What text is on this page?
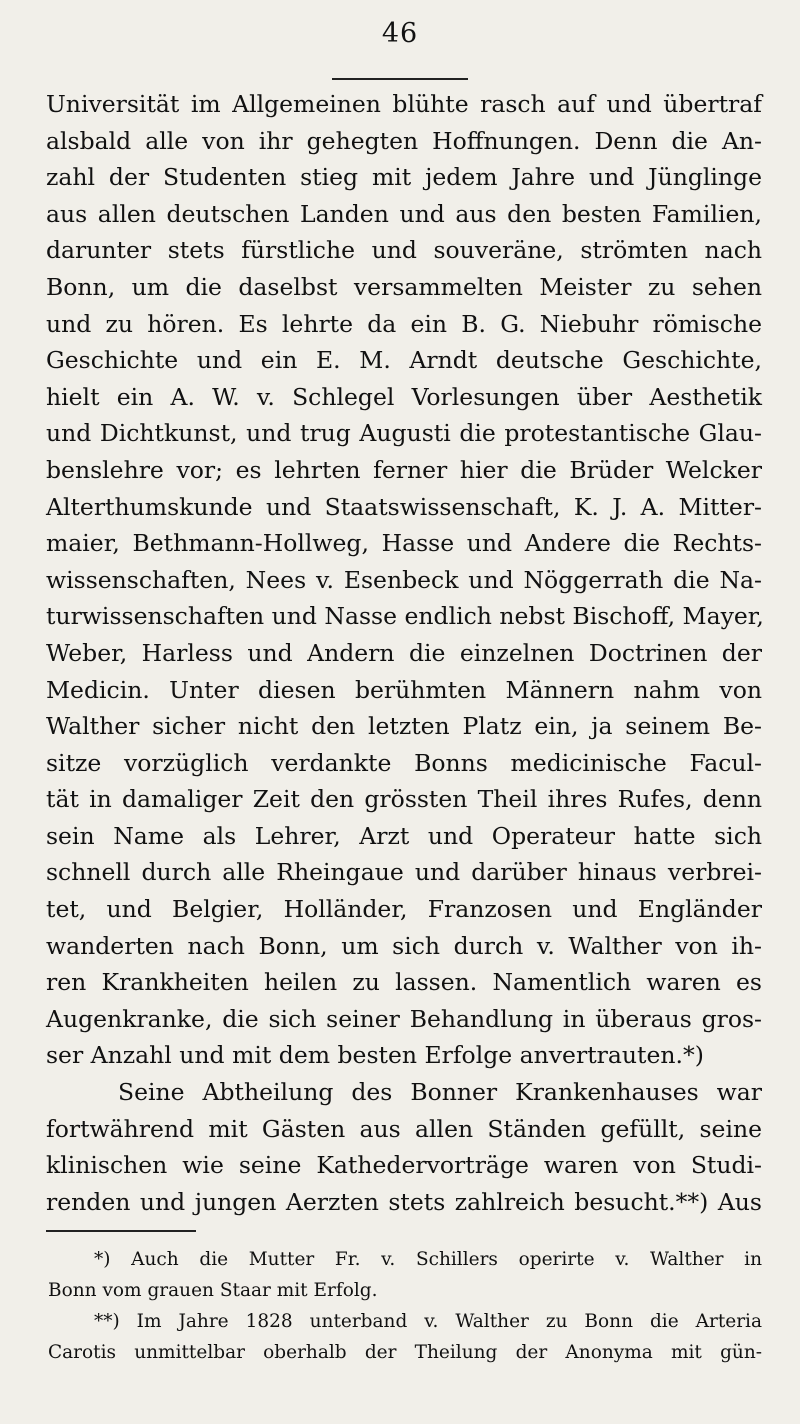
46
Universität im Allgemeinen blühte rasch auf und übertraf
alsbald alle von ihr gehegten Hoffnungen. Denn die An-
zahl der Studenten stieg mit jedem Jahre und Jünglinge
aus allen deutschen Landen und aus den besten Familien,
darunter stets fürstliche und souveräne, strömten nach
Bonn, um die daselbst versammelten Meister zu sehen
und zu hören. Es lehrte da ein B. G. Niebuhr römische
Geschichte und ein E. M. Arndt deutsche Geschichte,
hielt ein A. W. v. Schlegel Vorlesungen über Aesthetik
und Dichtkunst, und trug Augusti die protestantische Glau-
benslehre vor; es lehrten ferner hier die Brüder Welcker
Alterthumskunde und Staatswissenschaft, K. J. A. Mitter-
maier, Bethmann-Hollweg, Hasse und Andere die Rechts-
wissenschaften, Nees v. Esenbeck und Nöggerrath die Na-
turwissenschaften und Nasse endlich nebst Bischoff, Mayer,
Weber, Harless und Andern die einzelnen Doctrinen der
Medicin. Unter diesen berühmten Männern nahm von
Walther sicher nicht den letzten Platz ein, ja seinem Be-
sitze vorzüglich verdankte Bonns medicinische Facul-
tät in damaliger Zeit den grössten Theil ihres Rufes, denn
sein Name als Lehrer, Arzt und Operateur hatte sich
schnell durch alle Rheingaue und darüber hinaus verbrei-
tet, und Belgier, Holländer, Franzosen und Engländer
wanderten nach Bonn, um sich durch v. Walther von ih-
ren Krankheiten heilen zu lassen. Namentlich waren es
Augenkranke, die sich seiner Behandlung in überaus gros-
ser Anzahl und mit dem besten Erfolge anvertrauten.*)
Seine Abtheilung des Bonner Krankenhauses war
fortwährend mit Gästen aus allen Ständen gefüllt, seine
klinischen wie seine Kathedervorträge waren von Studi-
renden und jungen Aerzten stets zahlreich besucht.**) Aus
*) Auch die Mutter Fr. v. Schillers operirte v. Walther in
Bonn vom grauen Staar mit Erfolg.
**) Im Jahre 1828 unterband v. Walther zu Bonn die Arteria
Carotis unmittelbar oberhalb der Theilung der Anonyma mit gün-
